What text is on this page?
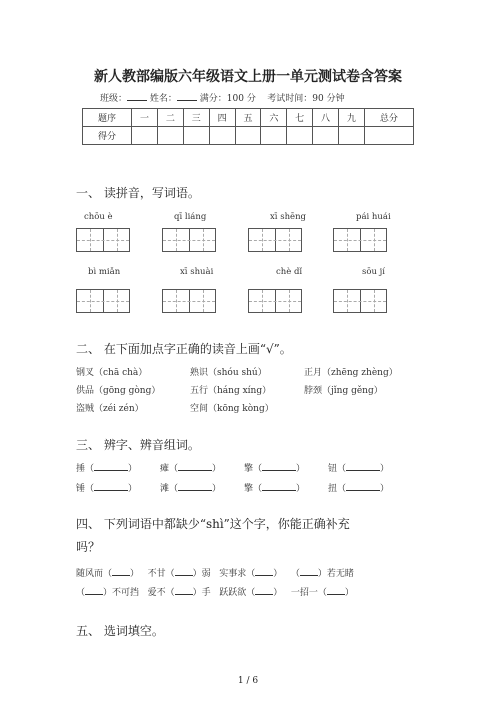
新人教部编版六年级语文上册一单元测试卷含答案
班级：	姓名：	满分：100 分 考试时间：90 分钟
题序	一	二	三	四	五	六	七	八	九	总分
得分										
一、 读拼音，写词语。
chōu è	qī liáng	xī shēng	pái huái
bì miǎn	xī shuài	chè dǐ	sōu jí
二、 在下面加点字正确的读音上画“√”。
钢叉（chā chà）	熟识（shóu shú）	正月（zhēng zhèng）
供品（gōng gòng）	五行（háng xíng）	脖颈（jǐng gěng）
盗贼（zéi zén）	空间（kōng kòng）
三、 辨字、辨音组词。
捶（	）	瘫（	）	擎（	）	钮（	）
锤（	）	滩（	）	擎（	）	扭（	）
四、 下列词语中都缺少“shì”这个字，你能正确补充
吗？
随风而（ ） 不甘（ ）弱 实事求（ ） （ ）若无睹
（ ）不可挡 爱不（ ）手 跃跃欲（ ） 一招一（ ）
五、 选词填空。
1 / 6
